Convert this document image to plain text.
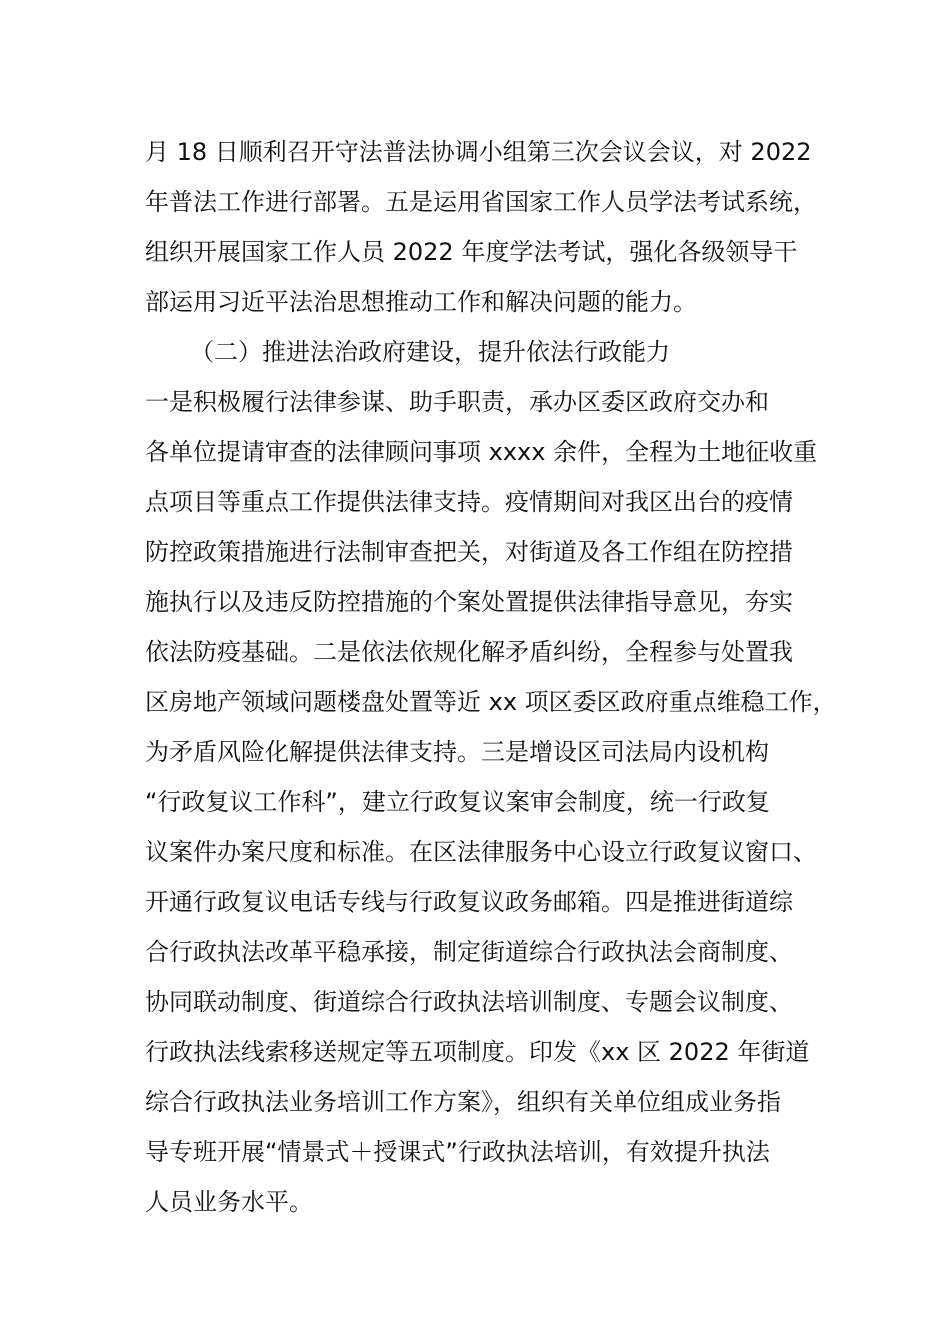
月 18 日顺利召开守法普法协调小组第三次会议会议，对 2022

年普法工作进行部署。五是运用省国家工作人员学法考试系统，

组织开展国家工作人员 2022 年度学法考试，强化各级领导干

部运用习近平法治思想推动工作和解决问题的能力。

（二）推进法治政府建设，提升依法行政能力

一是积极履行法律参谋、助手职责，承办区委区政府交办和

各单位提请审查的法律顾问事项 xxxx 余件，全程为土地征收重

点项目等重点工作提供法律支持。疫情期间对我区出台的疫情

防控政策措施进行法制审查把关，对街道及各工作组在防控措

施执行以及违反防控措施的个案处置提供法律指导意见，夯实

依法防疫基础。二是依法依规化解矛盾纠纷，全程参与处置我

区房地产领域问题楼盘处置等近 xx 项区委区政府重点维稳工作，

为矛盾风险化解提供法律支持。三是增设区司法局内设机构

“行政复议工作科”，建立行政复议案审会制度，统一行政复

议案件办案尺度和标准。在区法律服务中心设立行政复议窗口、

开通行政复议电话专线与行政复议政务邮箱。四是推进街道综

合行政执法改革平稳承接，制定街道综合行政执法会商制度、

协同联动制度、街道综合行政执法培训制度、专题会议制度、

行政执法线索移送规定等五项制度。印发《xx 区 2022 年街道

综合行政执法业务培训工作方案》，组织有关单位组成业务指

导专班开展“情景式＋授课式”行政执法培训，有效提升执法

人员业务水平。
